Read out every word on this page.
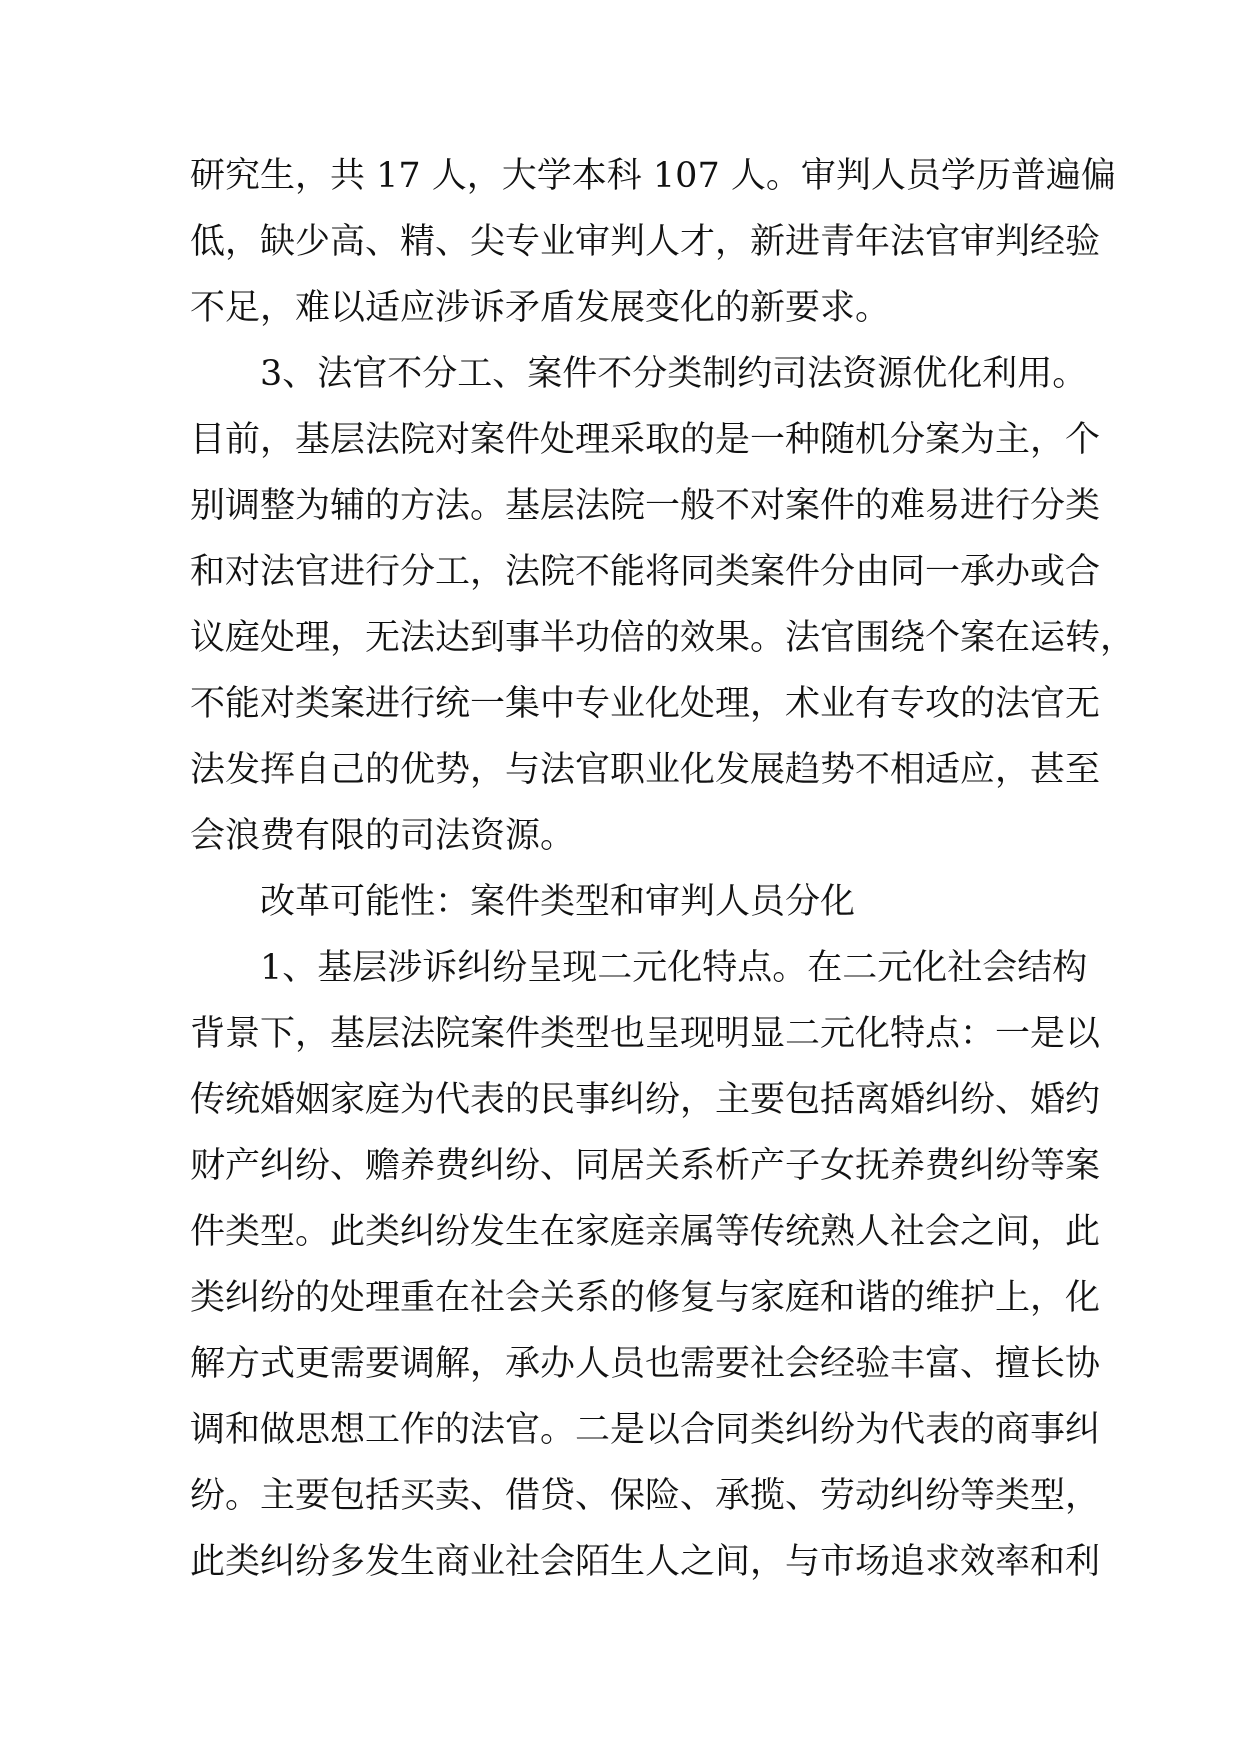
研究生，共 17 人，大学本科 107 人。审判人员学历普遍偏
低，缺少高、精、尖专业审判人才，新进青年法官审判经验
不足，难以适应涉诉矛盾发展变化的新要求。
3、法官不分工、案件不分类制约司法资源优化利用。
目前，基层法院对案件处理采取的是一种随机分案为主，个
别调整为辅的方法。基层法院一般不对案件的难易进行分类
和对法官进行分工，法院不能将同类案件分由同一承办或合
议庭处理，无法达到事半功倍的效果。法官围绕个案在运转，
不能对类案进行统一集中专业化处理，术业有专攻的法官无
法发挥自己的优势，与法官职业化发展趋势不相适应，甚至
会浪费有限的司法资源。
改革可能性：案件类型和审判人员分化
1、基层涉诉纠纷呈现二元化特点。在二元化社会结构
背景下，基层法院案件类型也呈现明显二元化特点：一是以
传统婚姻家庭为代表的民事纠纷，主要包括离婚纠纷、婚约
财产纠纷、赡养费纠纷、同居关系析产子女抚养费纠纷等案
件类型。此类纠纷发生在家庭亲属等传统熟人社会之间，此
类纠纷的处理重在社会关系的修复与家庭和谐的维护上，化
解方式更需要调解，承办人员也需要社会经验丰富、擅长协
调和做思想工作的法官。二是以合同类纠纷为代表的商事纠
纷。主要包括买卖、借贷、保险、承揽、劳动纠纷等类型，
此类纠纷多发生商业社会陌生人之间，与市场追求效率和利
